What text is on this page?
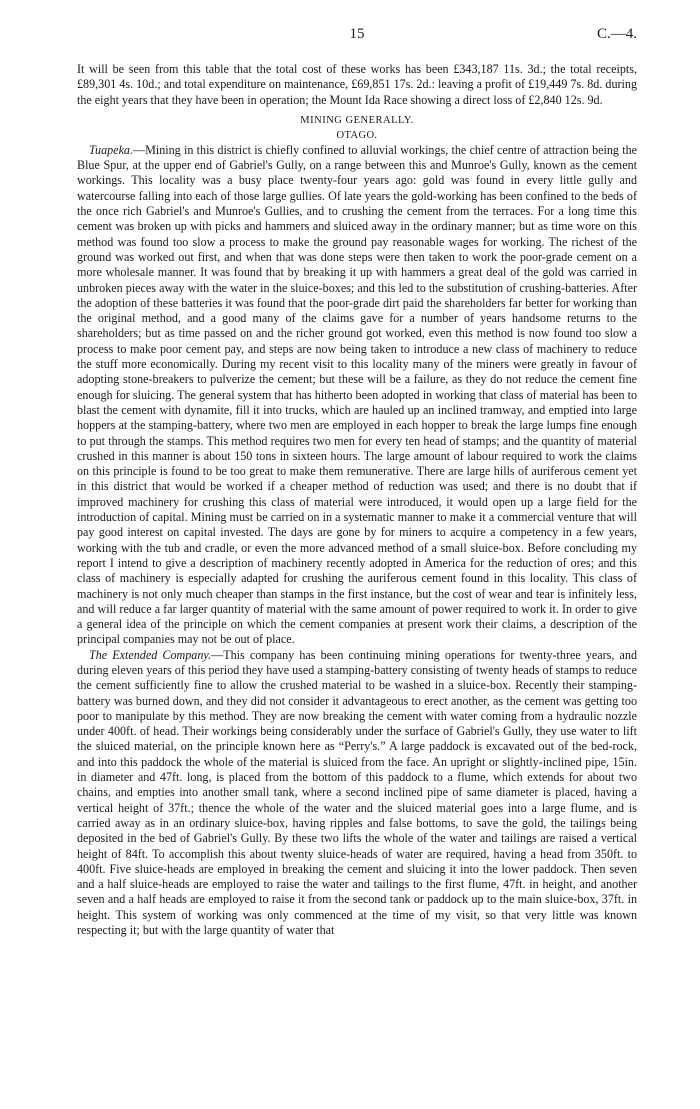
15	C.—4.

It will be seen from this table that the total cost of these works has been £343,187 11s. 3d.; the total receipts, £89,301 4s. 10d.; and total expenditure on maintenance, £69,851 17s. 2d.: leaving a profit of £19,449 7s. 8d. during the eight years that they have been in operation; the Mount Ida Race showing a direct loss of £2,840 12s. 9d.

MINING GENERALLY.
OTAGO.

Tuapeka.—Mining in this district is chiefly confined to alluvial workings, the chief centre of attraction being the Blue Spur, at the upper end of Gabriel's Gully, on a range between this and Munroe's Gully, known as the cement workings. This locality was a busy place twenty-four years ago: gold was found in every little gully and watercourse falling into each of those large gullies. Of late years the gold-working has been confined to the beds of the once rich Gabriel's and Munroe's Gullies, and to crushing the cement from the terraces. For a long time this cement was broken up with picks and hammers and sluiced away in the ordinary manner; but as time wore on this method was found too slow a process to make the ground pay reasonable wages for working. The richest of the ground was worked out first, and when that was done steps were then taken to work the poor-grade cement on a more wholesale manner. It was found that by breaking it up with hammers a great deal of the gold was carried in unbroken pieces away with the water in the sluice-boxes; and this led to the substitution of crushing-batteries. After the adoption of these batteries it was found that the poor-grade dirt paid the shareholders far better for working than the original method, and a good many of the claims gave for a number of years handsome returns to the shareholders; but as time passed on and the richer ground got worked, even this method is now found too slow a process to make poor cement pay, and steps are now being taken to introduce a new class of machinery to reduce the stuff more economically. During my recent visit to this locality many of the miners were greatly in favour of adopting stone-breakers to pulverize the cement; but these will be a failure, as they do not reduce the cement fine enough for sluicing. The general system that has hitherto been adopted in working that class of material has been to blast the cement with dynamite, fill it into trucks, which are hauled up an inclined tramway, and emptied into large hoppers at the stamping-battery, where two men are employed in each hopper to break the large lumps fine enough to put through the stamps. This method requires two men for every ten head of stamps; and the quantity of material crushed in this manner is about 150 tons in sixteen hours. The large amount of labour required to work the claims on this principle is found to be too great to make them remunerative. There are large hills of auriferous cement yet in this district that would be worked if a cheaper method of reduction was used; and there is no doubt that if improved machinery for crushing this class of material were introduced, it would open up a large field for the introduction of capital. Mining must be carried on in a systematic manner to make it a commercial venture that will pay good interest on capital invested. The days are gone by for miners to acquire a competency in a few years, working with the tub and cradle, or even the more advanced method of a small sluice-box. Before concluding my report I intend to give a description of machinery recently adopted in America for the reduction of ores; and this class of machinery is especially adapted for crushing the auriferous cement found in this locality. This class of machinery is not only much cheaper than stamps in the first instance, but the cost of wear and tear is infinitely less, and will reduce a far larger quantity of material with the same amount of power required to work it. In order to give a general idea of the principle on which the cement companies at present work their claims, a description of the principal companies may not be out of place.

The Extended Company.—This company has been continuing mining operations for twenty-three years, and during eleven years of this period they have used a stamping-battery consisting of twenty heads of stamps to reduce the cement sufficiently fine to allow the crushed material to be washed in a sluice-box. Recently their stamping-battery was burned down, and they did not consider it advantageous to erect another, as the cement was getting too poor to manipulate by this method. They are now breaking the cement with water coming from a hydraulic nozzle under 400ft. of head. Their workings being considerably under the surface of Gabriel's Gully, they use water to lift the sluiced material, on the principle known here as “Perry's.” A large paddock is excavated out of the bed-rock, and into this paddock the whole of the material is sluiced from the face. An upright or slightly-inclined pipe, 15in. in diameter and 47ft. long, is placed from the bottom of this paddock to a flume, which extends for about two chains, and empties into another small tank, where a second inclined pipe of same diameter is placed, having a vertical height of 37ft.; thence the whole of the water and the sluiced material goes into a large flume, and is carried away as in an ordinary sluice-box, having ripples and false bottoms, to save the gold, the tailings being deposited in the bed of Gabriel's Gully. By these two lifts the whole of the water and tailings are raised a vertical height of 84ft. To accomplish this about twenty sluice-heads of water are required, having a head from 350ft. to 400ft. Five sluice-heads are employed in breaking the cement and sluicing it into the lower paddock. Then seven and a half sluice-heads are employed to raise the water and tailings to the first flume, 47ft. in height, and another seven and a half heads are employed to raise it from the second tank or paddock up to the main sluice-box, 37ft. in height. This system of working was only commenced at the time of my visit, so that very little was known respecting it; but with the large quantity of water that
